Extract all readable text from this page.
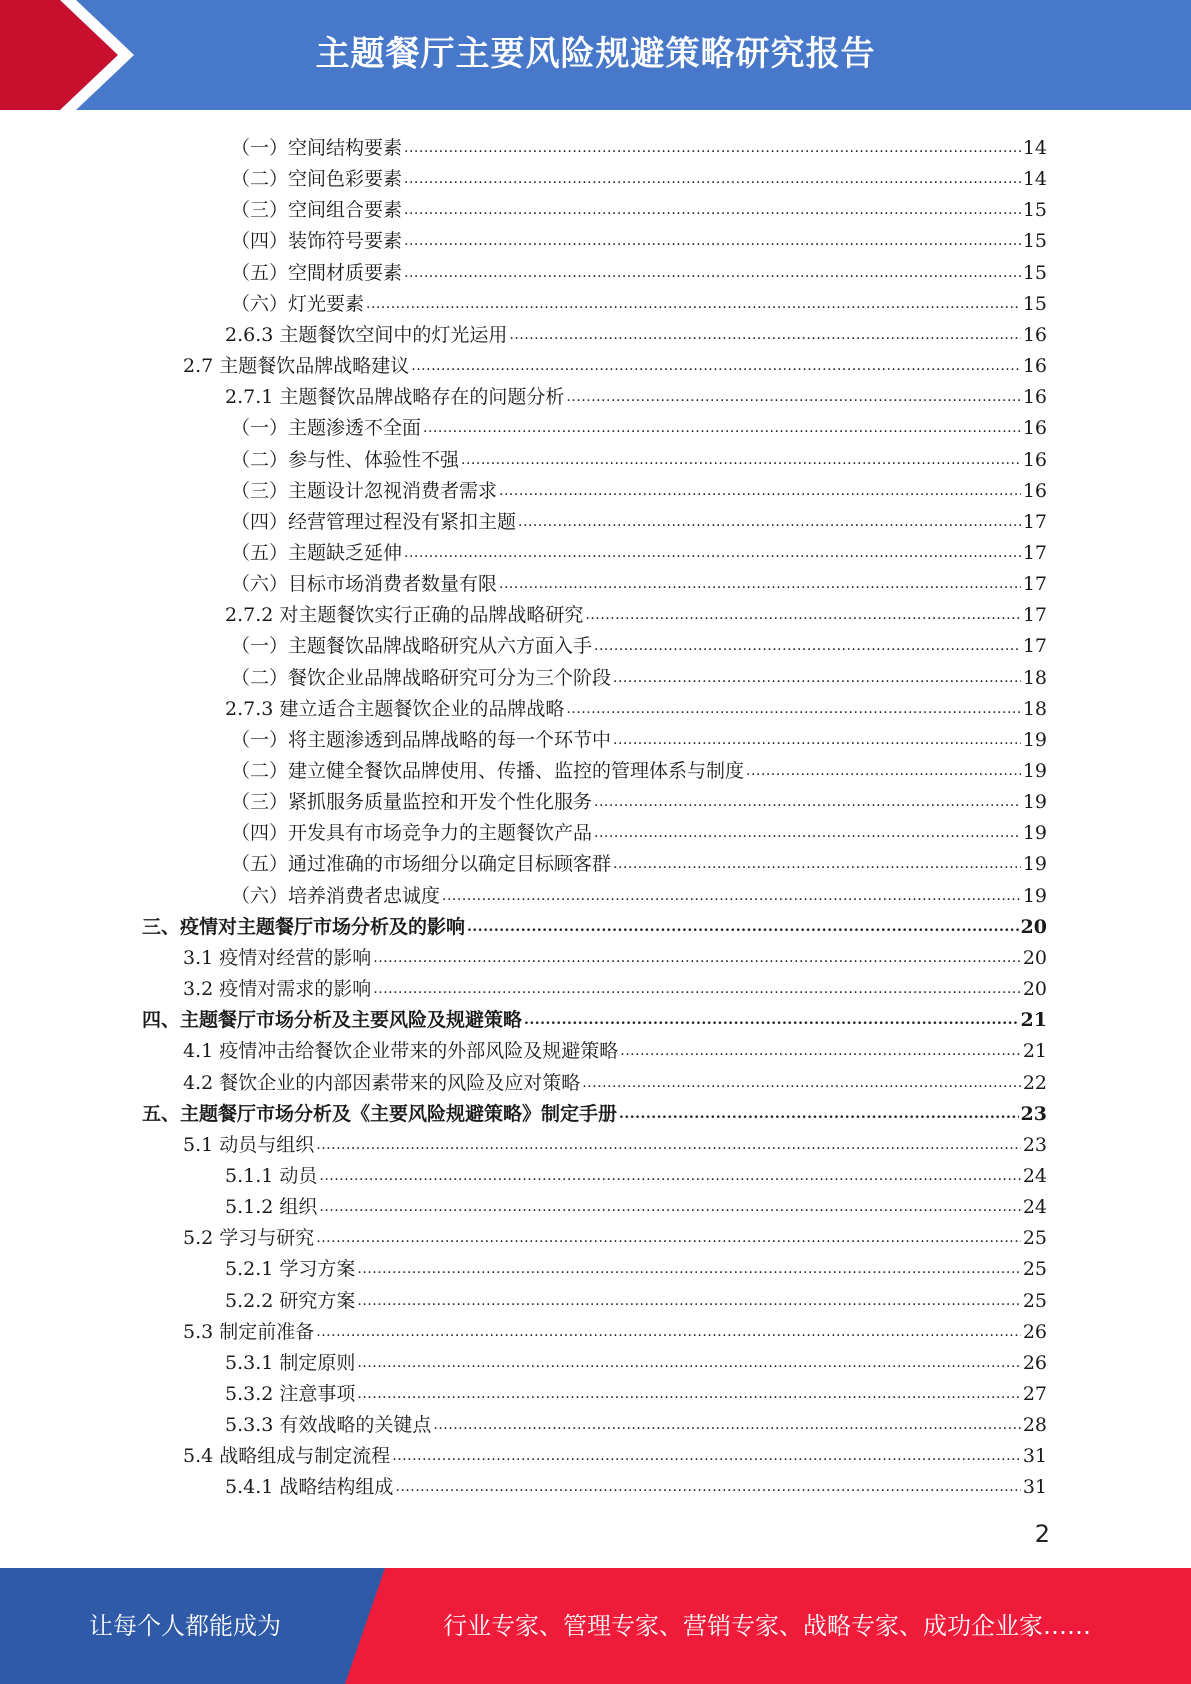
主题餐厅主要风险规避策略研究报告
（一）空间结构要素 .....	14
（二）空间色彩要素 .....	14
（三）空间组合要素 .....	15
（四）装饰符号要素 .....	15
（五）空間材质要素 .....	15
（六）灯光要素 .....	15
2.6.3 主题餐饮空间中的灯光运用 .....	16
2.7 主题餐饮品牌战略建议 .....	16
2.7.1 主题餐饮品牌战略存在的问题分析 .....	16
（一）主题渗透不全面 .....	16
（二）参与性、体验性不强 .....	16
（三）主题设计忽视消费者需求 .....	16
（四）经营管理过程没有紧扣主题 .....	17
（五）主题缺乏延伸 .....	17
（六）目标市场消费者数量有限 .....	17
2.7.2 对主题餐饮实行正确的品牌战略研究 .....	17
（一）主题餐饮品牌战略研究从六方面入手 .....	17
（二）餐饮企业品牌战略研究可分为三个阶段 .....	18
2.7.3 建立适合主题餐饮企业的品牌战略 .....	18
（一）将主题渗透到品牌战略的每一个环节中 .....	19
（二）建立健全餐饮品牌使用、传播、监控的管理体系与制度 .....	19
（三）紧抓服务质量监控和开发个性化服务 .....	19
（四）开发具有市场竞争力的主题餐饮产品 .....	19
（五）通过准确的市场细分以确定目标顾客群 .....	19
（六）培养消费者忠诚度 .....	19
三、疫情对主题餐厅市场分析及的影响 .....	20
3.1 疫情对经营的影响 .....	20
3.2 疫情对需求的影响 .....	20
四、主题餐厅市场分析及主要风险及规避策略 .....	21
4.1 疫情冲击给餐饮企业带来的外部风险及规避策略 .....	21
4.2 餐饮企业的内部因素带来的风险及应对策略 .....	22
五、主题餐厅市场分析及《主要风险规避策略》制定手册 .....	23
5.1 动员与组织 .....	23
5.1.1 动员 .....	24
5.1.2 组织 .....	24
5.2 学习与研究 .....	25
5.2.1 学习方案 .....	25
5.2.2 研究方案 .....	25
5.3 制定前准备 .....	26
5.3.1 制定原则 .....	26
5.3.2 注意事项 .....	27
5.3.3 有效战略的关键点 .....	28
5.4 战略组成与制定流程 .....	31
5.4.1 战略结构组成 .....	31
2
让每个人都能成为	行业专家、管理专家、营销专家、战略专家、成功企业家……
